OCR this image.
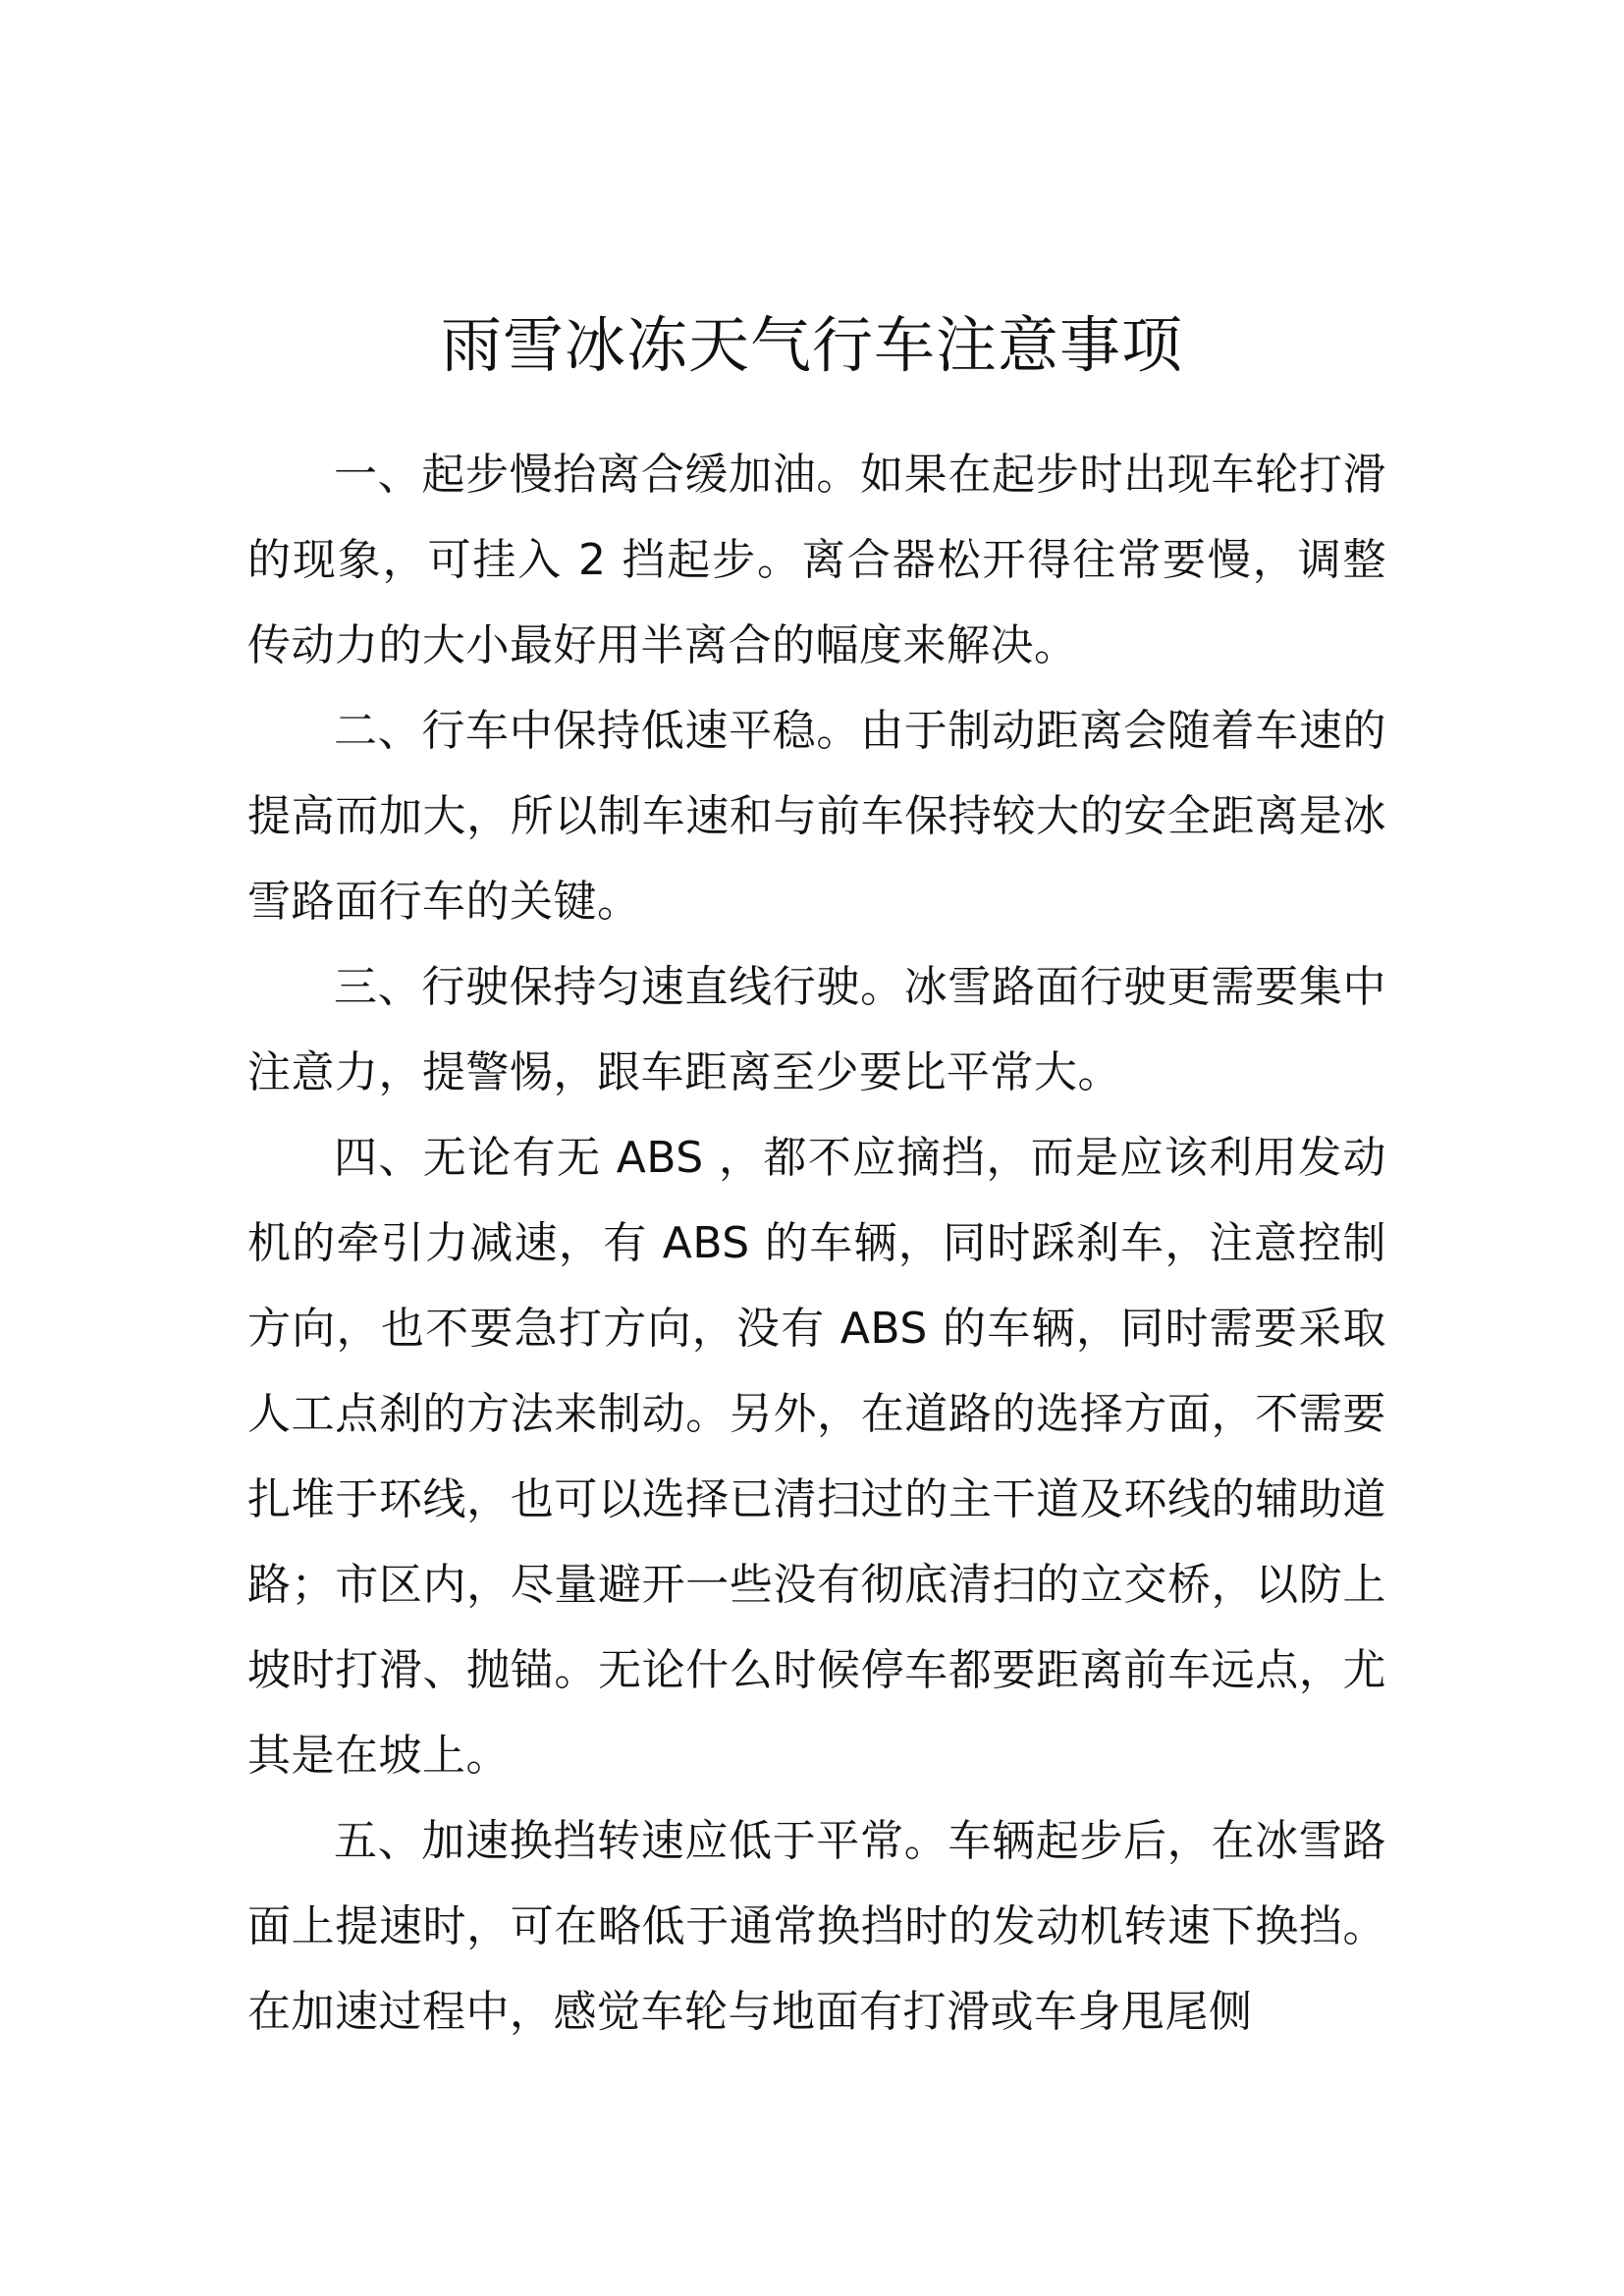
雨雪冰冻天气行车注意事项

一、起步慢抬离合缓加油。如果在起步时出现车轮打滑的现象，可挂入 2 挡起步。离合器松开得往常要慢，调整传动力的大小最好用半离合的幅度来解决。

二、行车中保持低速平稳。由于制动距离会随着车速的提高而加大，所以制车速和与前车保持较大的安全距离是冰雪路面行车的关键。

三、行驶保持匀速直线行驶。冰雪路面行驶更需要集中注意力，提警惕，跟车距离至少要比平常大。

四、无论有无 ABS ，都不应摘挡，而是应该利用发动机的牵引力减速，有 ABS 的车辆，同时踩刹车，注意控制方向，也不要急打方向，没有 ABS 的车辆，同时需要采取人工点刹的方法来制动。另外，在道路的选择方面，不需要扎堆于环线，也可以选择已清扫过的主干道及环线的辅助道路；市区内，尽量避开一些没有彻底清扫的立交桥，以防上坡时打滑、抛锚。无论什么时候停车都要距离前车远点，尤其是在坡上。

五、加速换挡转速应低于平常。车辆起步后，在冰雪路面上提速时，可在略低于通常换挡时的发动机转速下换挡。在加速过程中，感觉车轮与地面有打滑或车身甩尾侧
